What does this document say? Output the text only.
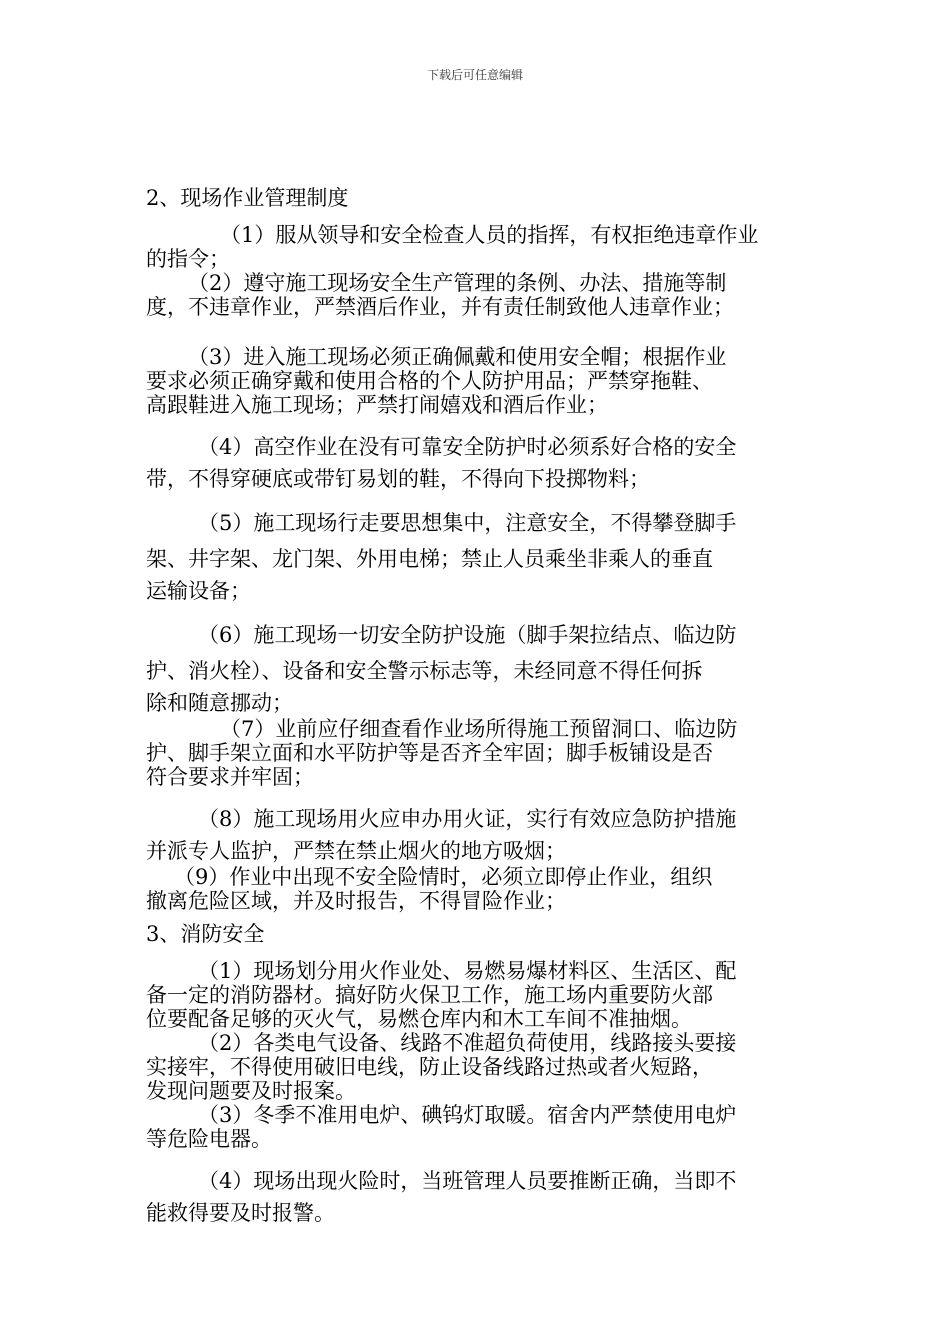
下载后可任意编辑
2、现场作业管理制度
（1）服从领导和安全检查人员的指挥，有权拒绝违章作业
的指令；
（2）遵守施工现场安全生产管理的条例、办法、措施等制
度，不违章作业，严禁酒后作业，并有责任制致他人违章作业；
（3）进入施工现场必须正确佩戴和使用安全帽；根据作业
要求必须正确穿戴和使用合格的个人防护用品；严禁穿拖鞋、
高跟鞋进入施工现场；严禁打闹嬉戏和酒后作业；
（4）高空作业在没有可靠安全防护时必须系好合格的安全
带，不得穿硬底或带钉易划的鞋，不得向下投掷物料；
（5）施工现场行走要思想集中，注意安全，不得攀登脚手
架、井字架、龙门架、外用电梯；禁止人员乘坐非乘人的垂直
运输设备；
（6）施工现场一切安全防护设施（脚手架拉结点、临边防
护、消火栓）、设备和安全警示标志等，未经同意不得任何拆
除和随意挪动；
（7）业前应仔细查看作业场所得施工预留洞口、临边防
护、脚手架立面和水平防护等是否齐全牢固；脚手板铺设是否
符合要求并牢固；
（8）施工现场用火应申办用火证，实行有效应急防护措施
并派专人监护，严禁在禁止烟火的地方吸烟；
（9）作业中出现不安全险情时，必须立即停止作业，组织
撤离危险区域，并及时报告，不得冒险作业；
3、消防安全
（1）现场划分用火作业处、易燃易爆材料区、生活区、配
备一定的消防器材。搞好防火保卫工作，施工场内重要防火部
位要配备足够的灭火气，易燃仓库内和木工车间不准抽烟。
（2）各类电气设备、线路不准超负荷使用，线路接头要接
实接牢，不得使用破旧电线，防止设备线路过热或者火短路，
发现问题要及时报案。
（3）冬季不准用电炉、碘钨灯取暖。宿舍内严禁使用电炉
等危险电器。
（4）现场出现火险时，当班管理人员要推断正确，当即不
能救得要及时报警。
